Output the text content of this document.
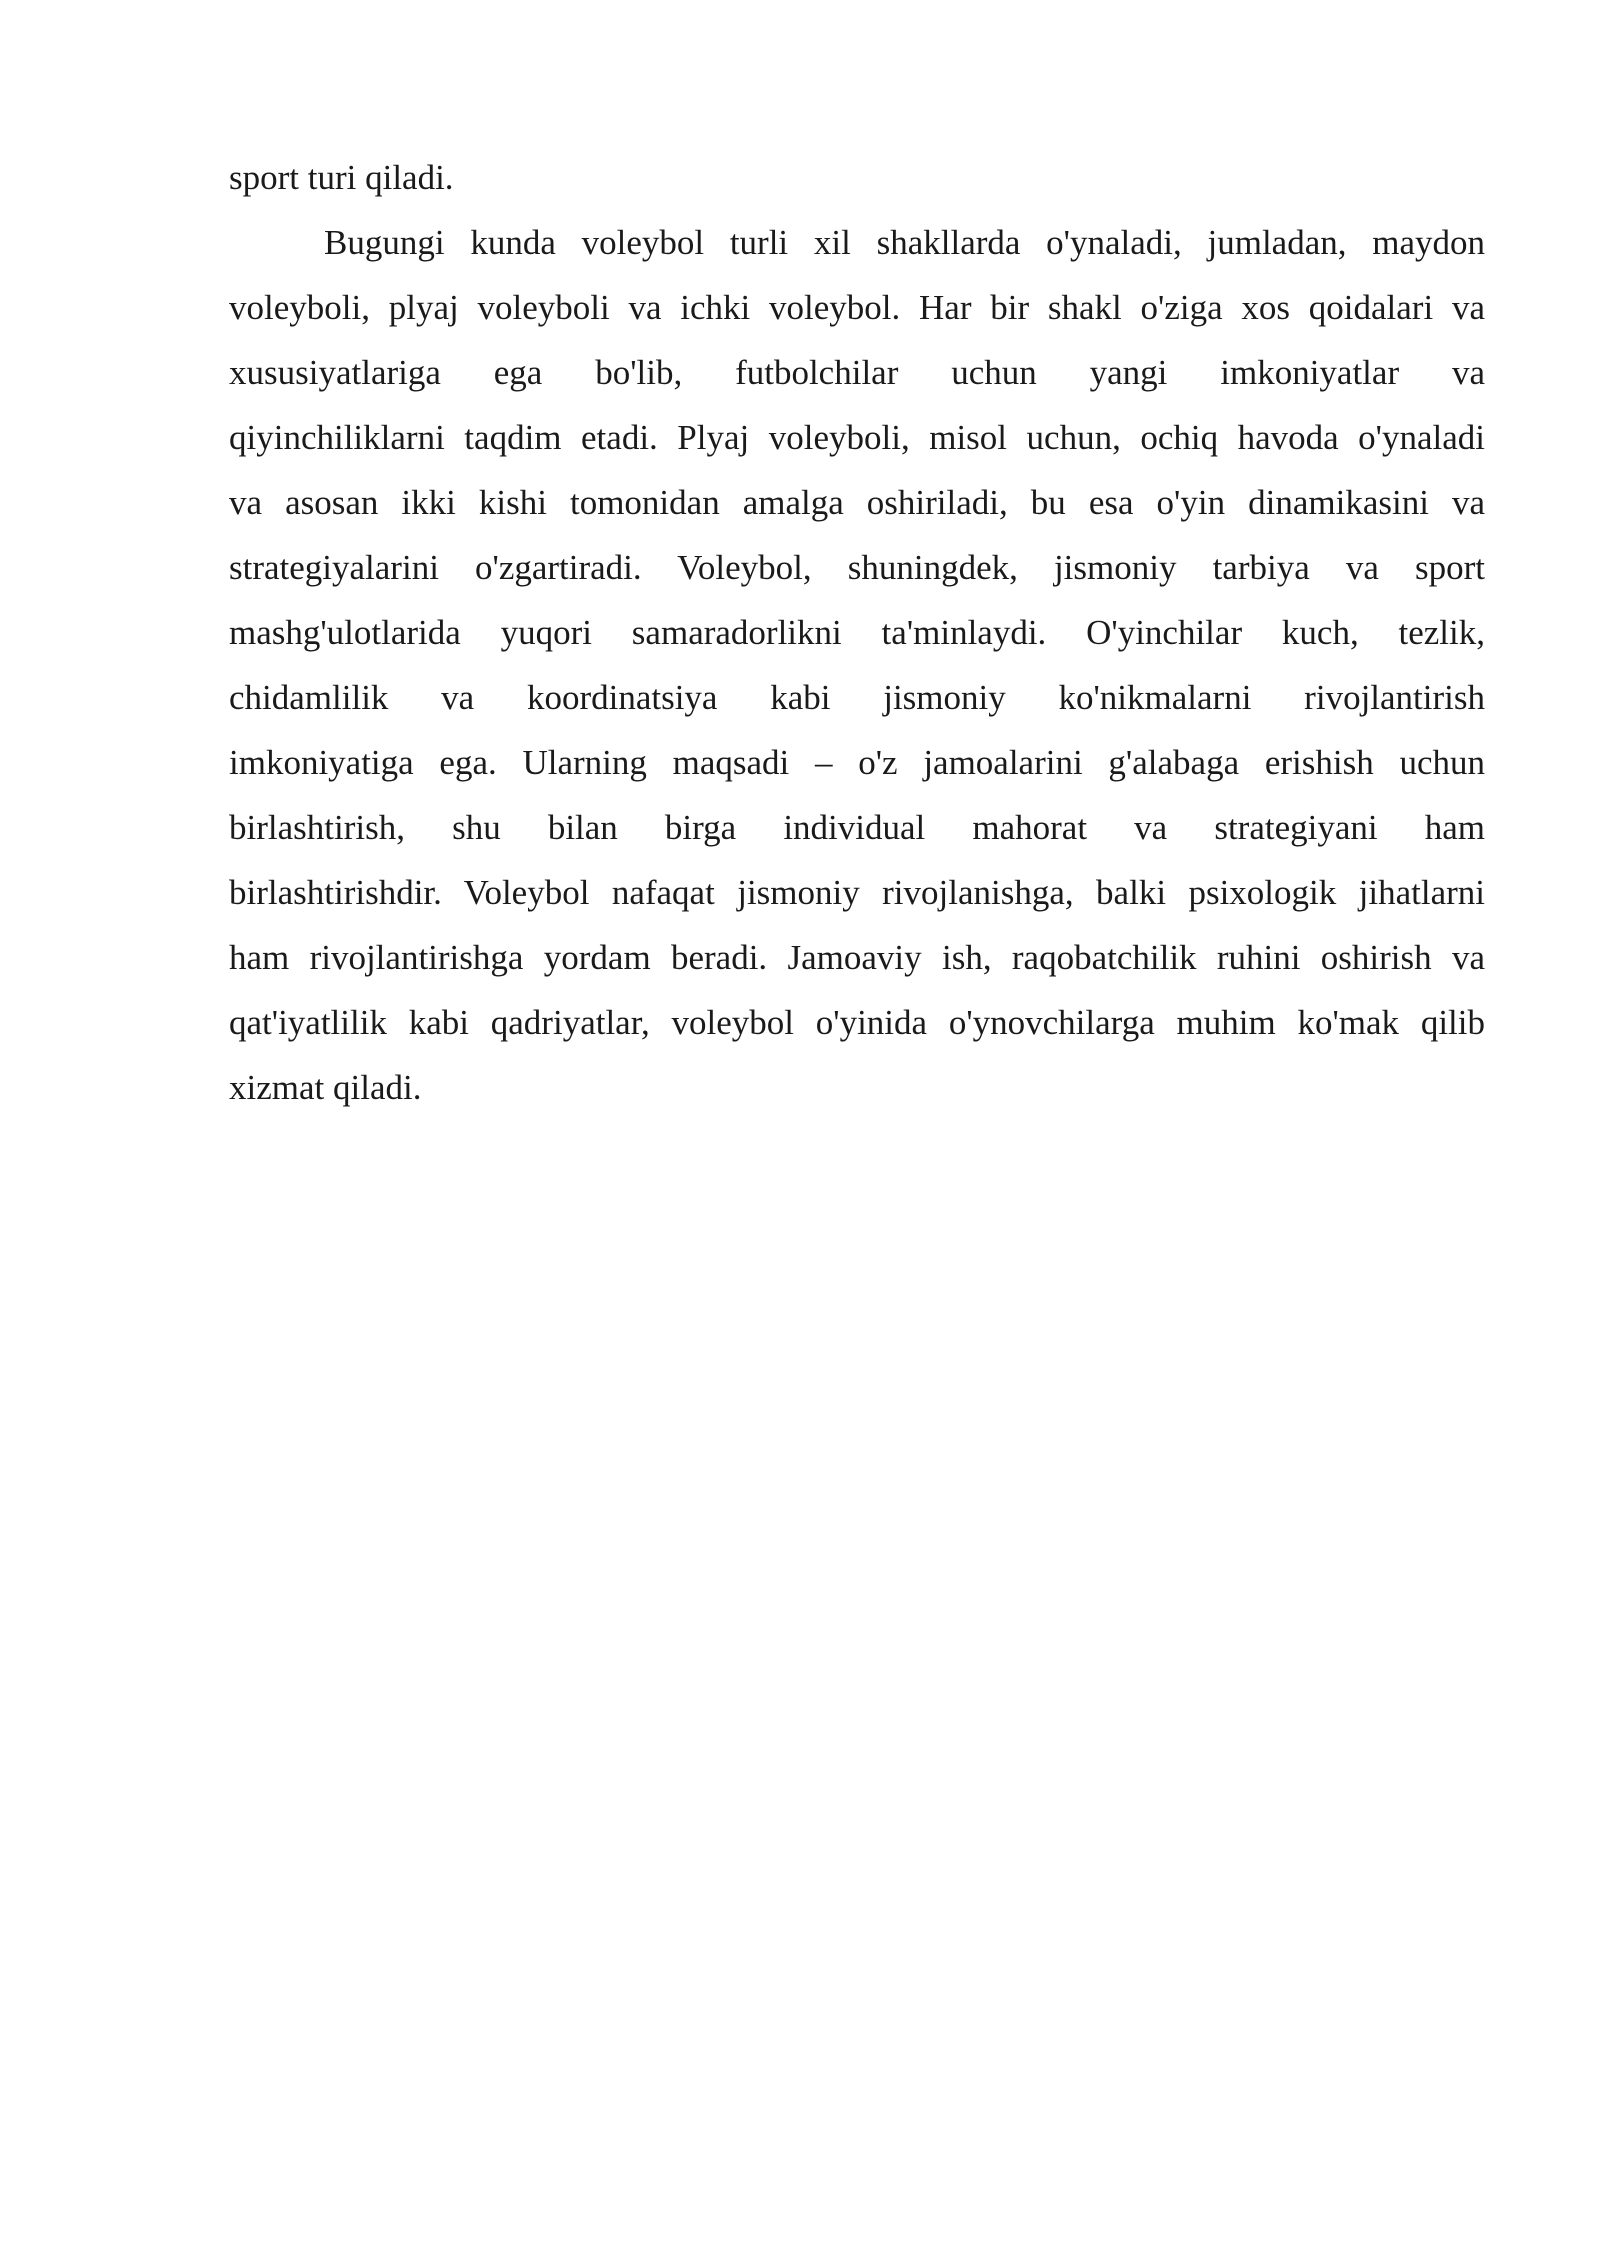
sport turi qiladi.
Bugungi kunda voleybol turli xil shakllarda o'ynaladi, jumladan, maydon
voleyboli, plyaj voleyboli va ichki voleybol. Har bir shakl o'ziga xos qoidalari va
xususiyatlariga ega bo'lib, futbolchilar uchun yangi imkoniyatlar va
qiyinchiliklarni taqdim etadi. Plyaj voleyboli, misol uchun, ochiq havoda o'ynaladi
va asosan ikki kishi tomonidan amalga oshiriladi, bu esa o'yin dinamikasini va
strategiyalarini o'zgartiradi. Voleybol, shuningdek, jismoniy tarbiya va sport
mashg'ulotlarida yuqori samaradorlikni ta'minlaydi. O'yinchilar kuch, tezlik,
chidamlilik va koordinatsiya kabi jismoniy ko'nikmalarni rivojlantirish
imkoniyatiga ega. Ularning maqsadi – o'z jamoalarini g'alabaga erishish uchun
birlashtirish, shu bilan birga individual mahorat va strategiyani ham
birlashtirishdir. Voleybol nafaqat jismoniy rivojlanishga, balki psixologik jihatlarni
ham rivojlantirishga yordam beradi. Jamoaviy ish, raqobatchilik ruhini oshirish va
qat'iyatlilik kabi qadriyatlar, voleybol o'yinida o'ynovchilarga muhim ko'mak qilib
xizmat qiladi.
